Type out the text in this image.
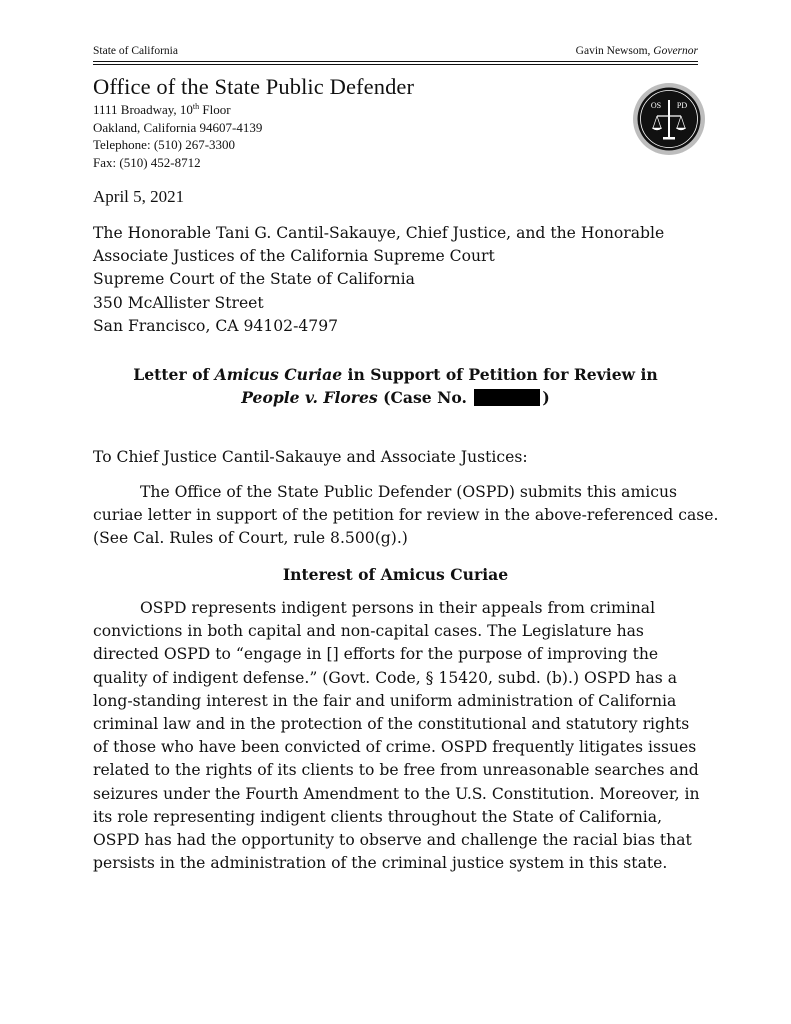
State of California	Gavin Newsom, Governor
Office of the State Public Defender
1111 Broadway, 10th Floor
Oakland, California 94607-4139
Telephone: (510) 267-3300
Fax: (510) 452-8712
OS PD
April 5, 2021
The Honorable Tani G. Cantil-Sakauye, Chief Justice, and the Honorable
Associate Justices of the California Supreme Court
Supreme Court of the State of California
350 McAllister Street
San Francisco, CA 94102-4797
Letter of Amicus Curiae in Support of Petition for Review in
People v. Flores (Case No.	)
To Chief Justice Cantil-Sakauye and Associate Justices:
The Office of the State Public Defender (OSPD) submits this amicus
curiae letter in support of the petition for review in the above-referenced case.
(See Cal. Rules of Court, rule 8.500(g).)
Interest of Amicus Curiae
OSPD represents indigent persons in their appeals from criminal
convictions in both capital and non-capital cases. The Legislature has
directed OSPD to “engage in [] efforts for the purpose of improving the
quality of indigent defense.” (Govt. Code, § 15420, subd. (b).) OSPD has a
long-standing interest in the fair and uniform administration of California
criminal law and in the protection of the constitutional and statutory rights
of those who have been convicted of crime. OSPD frequently litigates issues
related to the rights of its clients to be free from unreasonable searches and
seizures under the Fourth Amendment to the U.S. Constitution. Moreover, in
its role representing indigent clients throughout the State of California,
OSPD has had the opportunity to observe and challenge the racial bias that
persists in the administration of the criminal justice system in this state.
